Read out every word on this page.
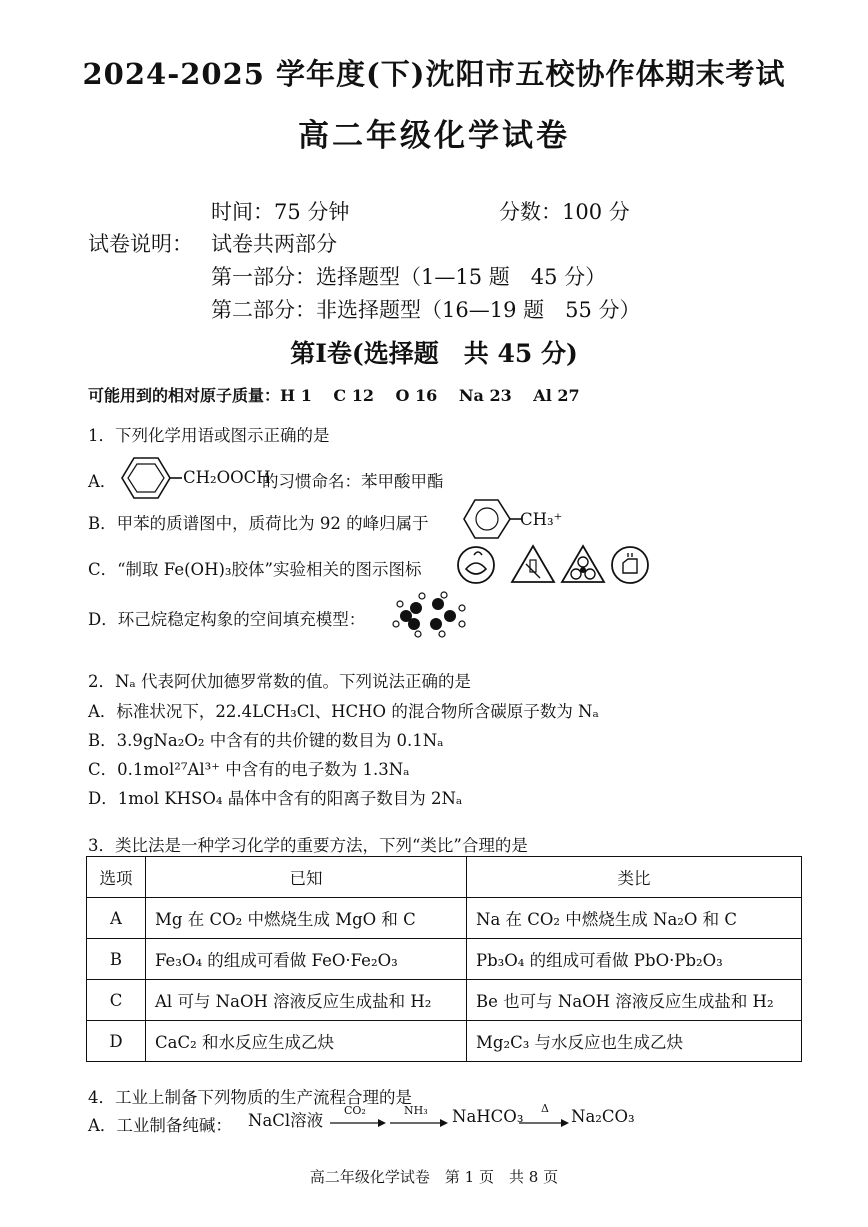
2024-2025 学年度(下)沈阳市五校协作体期末考试
高二年级化学试卷
时间：75 分钟	分数：100 分
试卷说明： 试卷共两部分
第一部分：选择题型（1—15 题　45 分）
第二部分：非选择题型（16—19 题　55 分）
第Ⅰ卷(选择题　共 45 分)
可能用到的相对原子质量：H 1　 C 12　 O 16　 Na 23　 Al 27
1．下列化学用语或图示正确的是
A．	CH₂OOCH
的习惯命名：苯甲酸甲酯
B．甲苯的质谱图中，质荷比为 92 的峰归属于	CH₃⁺
C．“制取 Fe(OH)₃胶体”实验相关的图示图标
D．环己烷稳定构象的空间填充模型：
2．Nₐ 代表阿伏加德罗常数的值。下列说法正确的是
A．标准状况下，22.4LCH₃Cl、HCHO 的混合物所含碳原子数为 Nₐ
B．3.9gNa₂O₂ 中含有的共价键的数目为 0.1Nₐ
C．0.1mol²⁷Al³⁺ 中含有的电子数为 1.3Nₐ
D．1mol KHSO₄ 晶体中含有的阳离子数目为 2Nₐ
3．类比法是一种学习化学的重要方法，下列“类比”合理的是
选项	已知	类比
A	Mg 在 CO₂ 中燃烧生成 MgO 和 C	Na 在 CO₂ 中燃烧生成 Na₂O 和 C
B	Fe₃O₄ 的组成可看做 FeO·Fe₂O₃	Pb₃O₄ 的组成可看做 PbO·Pb₂O₃
C	Al 可与 NaOH 溶液反应生成盐和 H₂	Be 也可与 NaOH 溶液反应生成盐和 H₂
D	CaC₂ 和水反应生成乙炔	Mg₂C₃ 与水反应也生成乙炔
4．工业上制备下列物质的生产流程合理的是
A．工业制备纯碱： NaCl溶液
CO₂	NH₃ NaHCO₃ Δ Na₂CO₃
高二年级化学试卷　第 1 页　共 8 页
